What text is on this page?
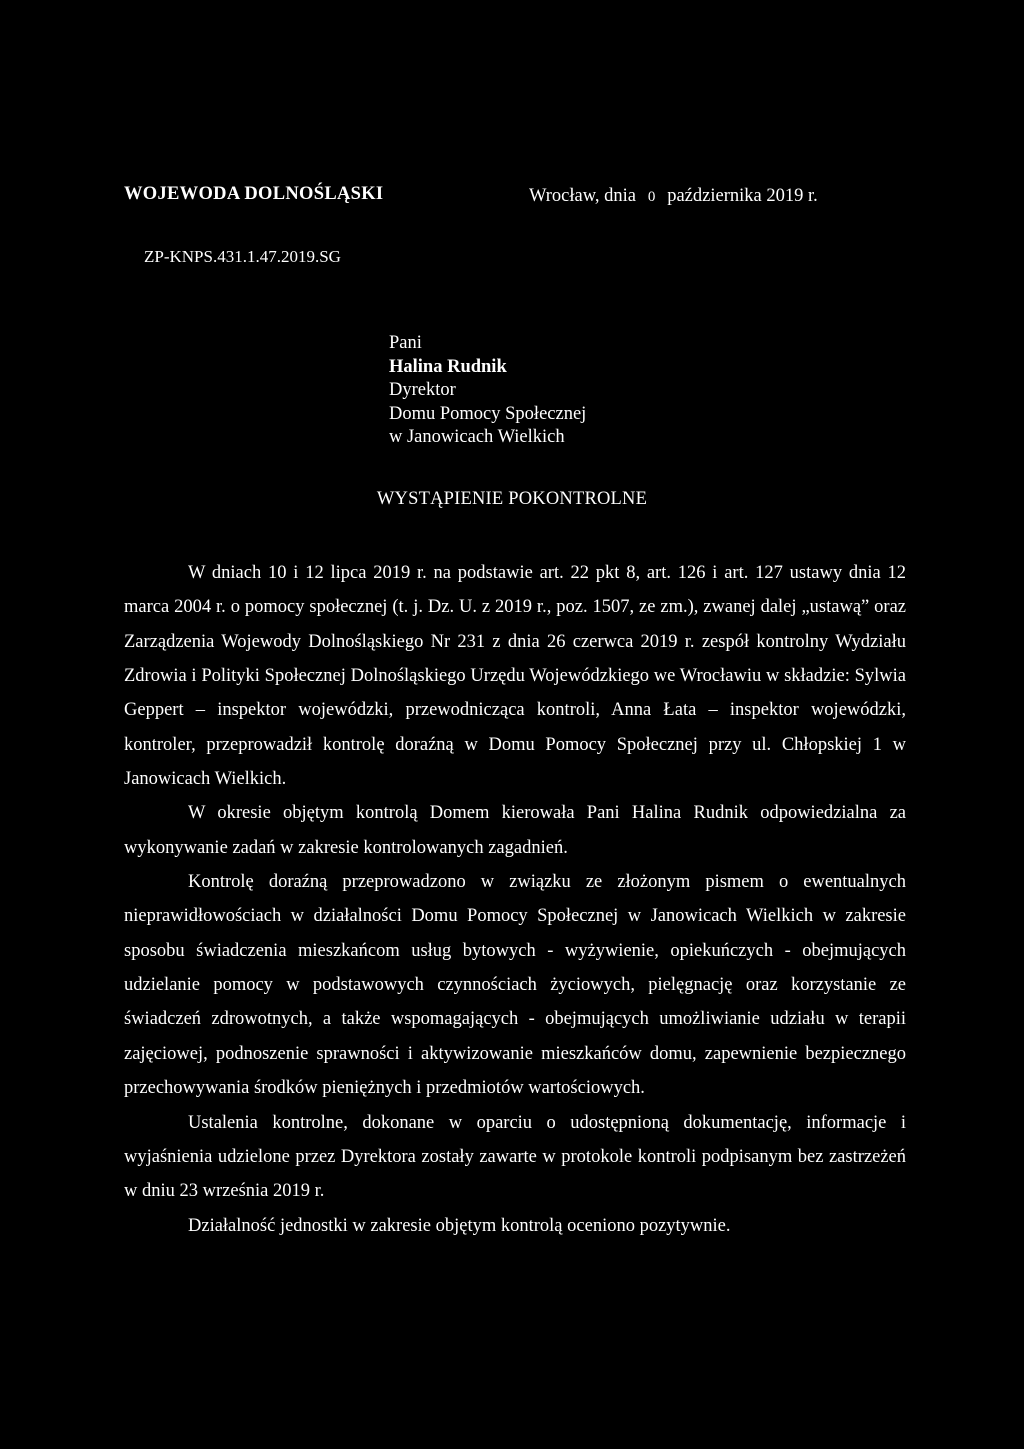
WOJEWODA DOLNOŚLĄSKI	Wrocław, dnia 0 października 2019 r.
ZP-KNPS.431.1.47.2019.SG
Pani
Halina Rudnik
Dyrektor
Domu Pomocy Społecznej
w Janowicach Wielkich
WYSTĄPIENIE POKONTROLNE

W dniach 10 i 12 lipca 2019 r. na podstawie art. 22 pkt 8, art. 126 i art. 127 ustawy dnia 12 marca 2004 r. o pomocy społecznej (t. j. Dz. U. z 2019 r., poz. 1507, ze zm.), zwanej dalej „ustawą” oraz Zarządzenia Wojewody Dolnośląskiego Nr 231 z dnia 26 czerwca 2019 r. zespół kontrolny Wydziału Zdrowia i Polityki Społecznej Dolnośląskiego Urzędu Wojewódzkiego we Wrocławiu w składzie: Sylwia Geppert – inspektor wojewódzki, przewodnicząca kontroli, Anna Łata – inspektor wojewódzki, kontroler, przeprowadził kontrolę doraźną w Domu Pomocy Społecznej przy ul. Chłopskiej 1 w Janowicach Wielkich.

W okresie objętym kontrolą Domem kierowała Pani Halina Rudnik odpowiedzialna za wykonywanie zadań w zakresie kontrolowanych zagadnień.

Kontrolę doraźną przeprowadzono w związku ze złożonym pismem o ewentualnych nieprawidłowościach w działalności Domu Pomocy Społecznej w Janowicach Wielkich w zakresie sposobu świadczenia mieszkańcom usług bytowych - wyżywienie, opiekuńczych - obejmujących udzielanie pomocy w podstawowych czynnościach życiowych, pielęgnację oraz korzystanie ze świadczeń zdrowotnych, a także wspomagających - obejmujących umożliwianie udziału w terapii zajęciowej, podnoszenie sprawności i aktywizowanie mieszkańców domu, zapewnienie bezpiecznego przechowywania środków pieniężnych i przedmiotów wartościowych.

Ustalenia kontrolne, dokonane w oparciu o udostępnioną dokumentację, informacje i wyjaśnienia udzielone przez Dyrektora zostały zawarte w protokole kontroli podpisanym bez zastrzeżeń w dniu 23 września 2019 r.

Działalność jednostki w zakresie objętym kontrolą oceniono pozytywnie.
